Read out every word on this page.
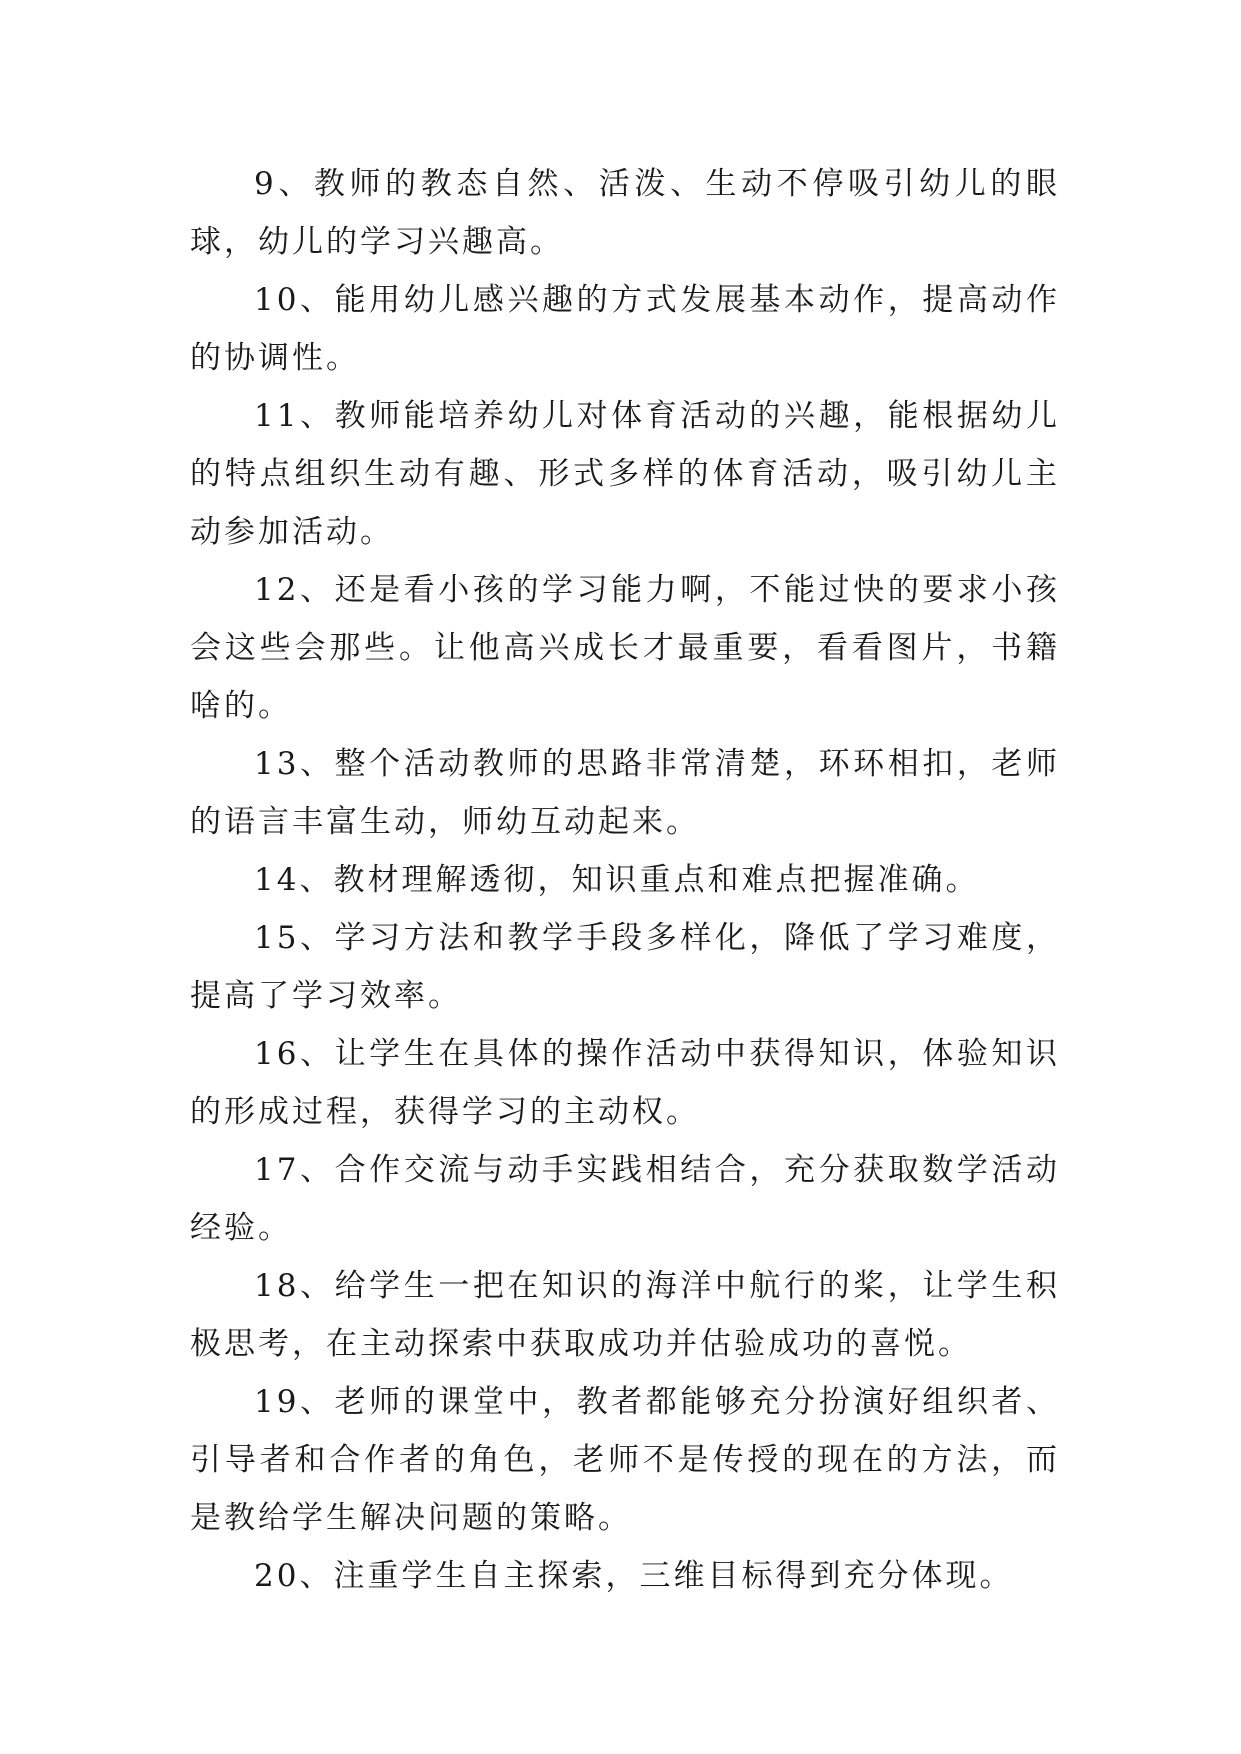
9、教师的教态自然、活泼、生动不停吸引幼儿的眼球，幼儿的学习兴趣高。

10、能用幼儿感兴趣的方式发展基本动作，提高动作的协调性。

11、教师能培养幼儿对体育活动的兴趣，能根据幼儿的特点组织生动有趣、形式多样的体育活动，吸引幼儿主动参加活动。

12、还是看小孩的学习能力啊，不能过快的要求小孩会这些会那些。让他高兴成长才最重要，看看图片，书籍啥的。

13、整个活动教师的思路非常清楚，环环相扣，老师的语言丰富生动，师幼互动起来。

14、教材理解透彻，知识重点和难点把握准确。

15、学习方法和教学手段多样化，降低了学习难度，提高了学习效率。

16、让学生在具体的操作活动中获得知识，体验知识的形成过程，获得学习的主动权。

17、合作交流与动手实践相结合，充分获取数学活动经验。

18、给学生一把在知识的海洋中航行的桨，让学生积极思考，在主动探索中获取成功并估验成功的喜悦。

19、老师的课堂中，教者都能够充分扮演好组织者、引导者和合作者的角色，老师不是传授的现在的方法，而是教给学生解决问题的策略。

20、注重学生自主探索，三维目标得到充分体现。
